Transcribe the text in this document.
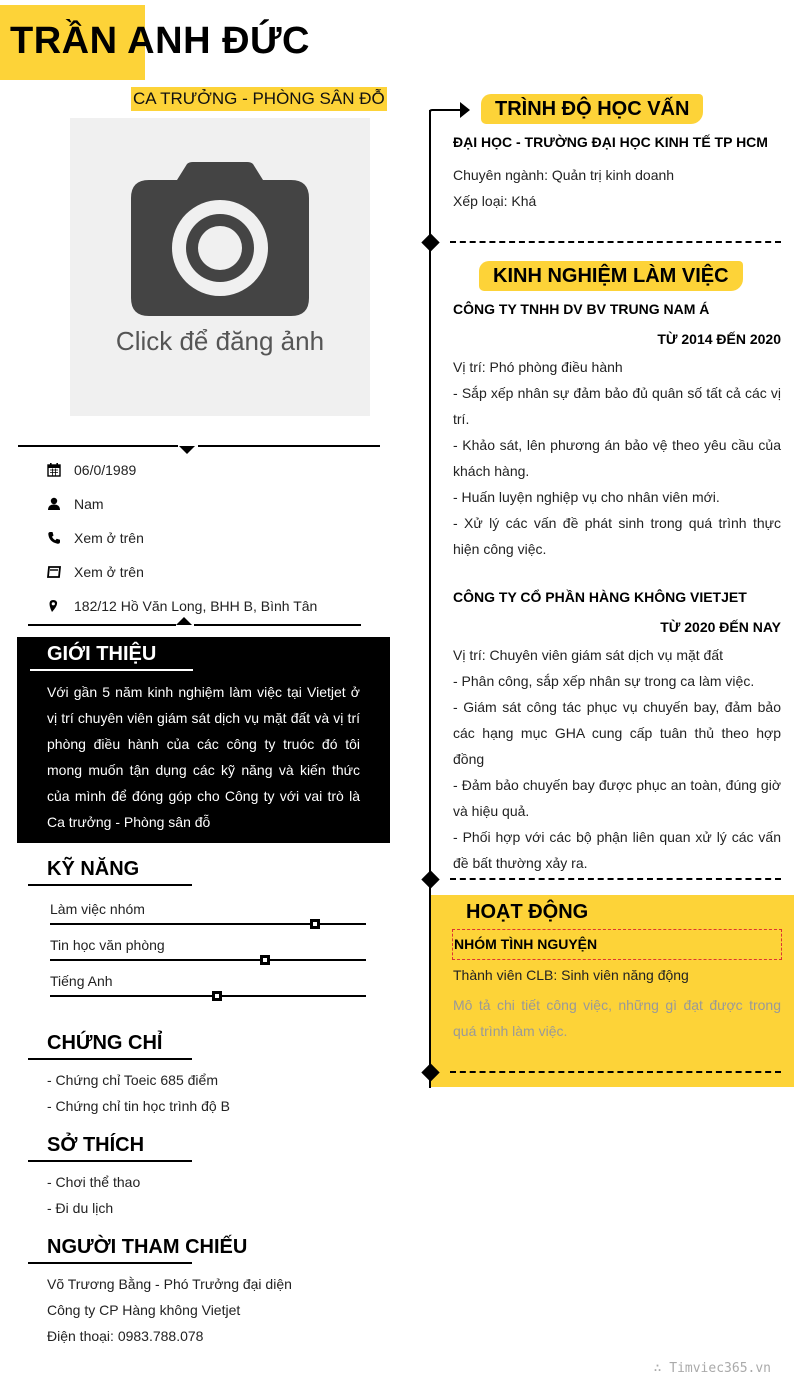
TRẦN ANH ĐỨC
CA TRƯỞNG - PHÒNG SÂN ĐỖ
Click để đăng ảnh
06/0/1989
Nam
Xem ở trên
Xem ở trên
182/12 Hồ Văn Long, BHH B, Bình Tân
GIỚI THIỆU
Với gần 5 năm kinh nghiệm làm việc tại Vietjet ở vị trí chuyên viên giám sát dịch vụ mặt đất và vị trí phòng điều hành của các công ty truóc đó tôi mong muốn tận dụng các kỹ năng và kiến thức của mình để đóng góp cho Công ty với vai trò là Ca trưởng - Phòng sân đỗ
KỸ NĂNG
Làm việc nhóm
Tin học văn phòng
Tiếng Anh
CHỨNG CHỈ
- Chứng chỉ Toeic 685 điểm
- Chứng chỉ tin học trình độ B
SỞ THÍCH
- Chơi thể thao
- Đi du lịch
NGƯỜI THAM CHIẾU
Võ Trương Bằng - Phó Trưởng đại diện
Công ty CP Hàng không Vietjet
Điện thoại: 0983.788.078
HOẠT ĐỘNG
NHÓM TÌNH NGUYỆN
Thành viên CLB: Sinh viên năng động
Mô tả chi tiết công việc, những gì đạt được trong quá trình làm việc.
TRÌNH ĐỘ HỌC VẤN
ĐẠI HỌC - TRƯỜNG ĐẠI HỌC KINH TẾ TP HCM
Chuyên ngành: Quản trị kinh doanh
Xếp loại: Khá
KINH NGHIỆM LÀM VIỆC
CÔNG TY TNHH DV BV TRUNG NAM Á
TỪ 2014 ĐẾN 2020
Vị trí: Phó phòng điều hành
- Sắp xếp nhân sự đảm bảo đủ quân số tất cả các vị trí.
- Khảo sát, lên phương án bảo vệ theo yêu cầu của khách hàng.
- Huấn luyện nghiệp vụ cho nhân viên mới.
- Xử lý các vấn đề phát sinh trong quá trình thực hiện công việc.
CÔNG TY CỔ PHẦN HÀNG KHÔNG VIETJET
TỪ 2020 ĐẾN NAY
Vị trí: Chuyên viên giám sát dịch vụ mặt đất
- Phân công, sắp xếp nhân sự trong ca làm việc.
- Giám sát công tác phục vụ chuyến bay, đảm bảo các hạng mục GHA cung cấp tuân thủ theo hợp đồng
- Đảm bảo chuyến bay được phục an toàn, đúng giờ và hiệu quả.
- Phối hợp với các bộ phận liên quan xử lý các vấn đề bất thường xảy ra.
∴ Timviec365.vn
